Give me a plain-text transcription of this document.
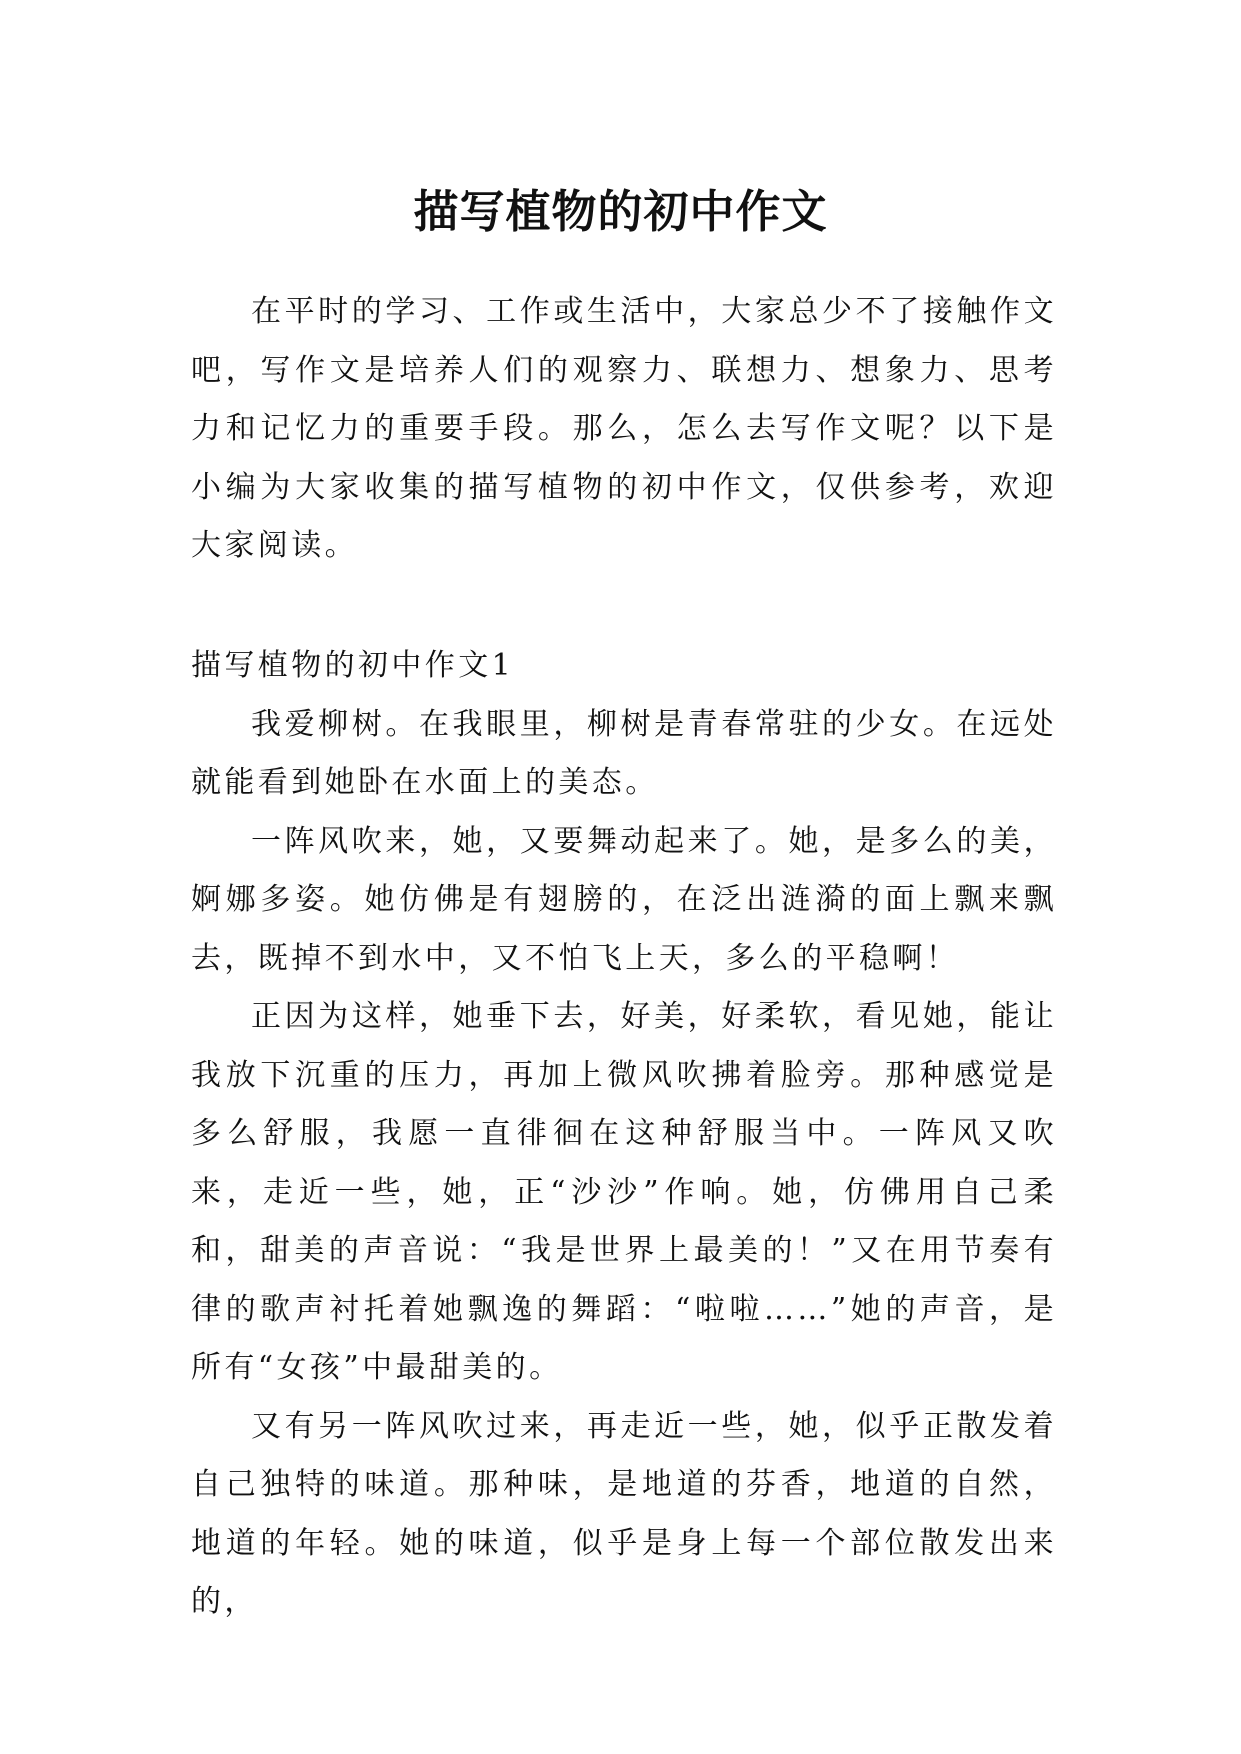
描写植物的初中作文

在平时的学习、工作或生活中，大家总少不了接触作文吧，写作文是培养人们的观察力、联想力、想象力、思考力和记忆力的重要手段。那么，怎么去写作文呢？以下是小编为大家收集的描写植物的初中作文，仅供参考，欢迎大家阅读。

描写植物的初中作文1

我爱柳树。在我眼里，柳树是青春常驻的少女。在远处就能看到她卧在水面上的美态。

一阵风吹来，她，又要舞动起来了。她，是多么的美，婀娜多姿。她仿佛是有翅膀的，在泛出涟漪的面上飘来飘去，既掉不到水中，又不怕飞上天，多么的平稳啊！

正因为这样，她垂下去，好美，好柔软，看见她，能让我放下沉重的压力，再加上微风吹拂着脸旁。那种感觉是多么舒服，我愿一直徘徊在这种舒服当中。一阵风又吹来，走近一些，她，正“沙沙”作响。她，仿佛用自己柔和，甜美的声音说：“我是世界上最美的！”又在用节奏有律的歌声衬托着她飘逸的舞蹈：“啦啦……”她的声音，是所有“女孩”中最甜美的。

又有另一阵风吹过来，再走近一些，她，似乎正散发着自己独特的味道。那种味，是地道的芬香，地道的自然，地道的年轻。她的味道，似乎是身上每一个部位散发出来的，
